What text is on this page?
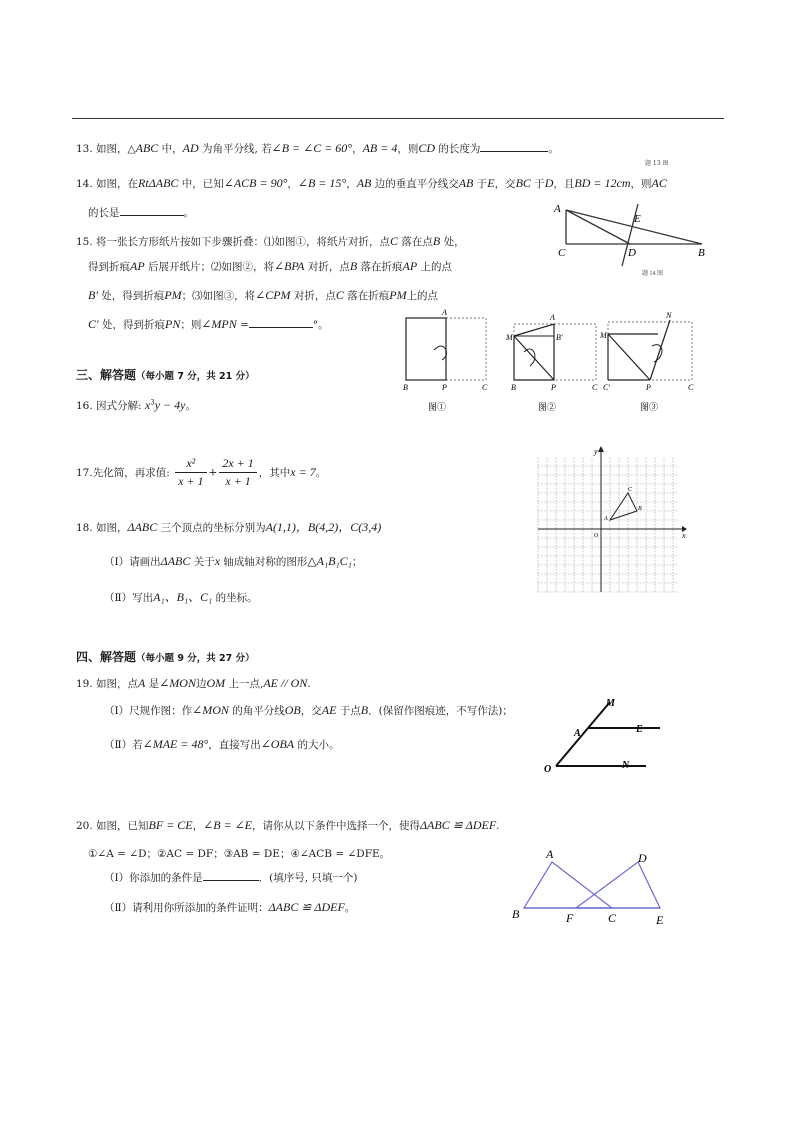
13. 如图，△ABC 中，AD 为角平分线, 若∠B = ∠C = 60°，AB = 4，则CD 的长度为	。
题 13 图
14. 如图，在RtΔABC 中，已知∠ACB = 90°，∠B = 15°，AB 边的垂直平分线交AB 于E，交BC 于D，且BD = 12cm，则AC
的长是	。	A
E
C	D	B
题 14 图
15. 将一张长方形纸片按如下步骤折叠：⑴如图①，将纸片对折，点C 落在点B 处，
得到折痕AP 后展开纸片；⑵如图②，将∠BPA 对折，点B 落在折痕AP 上的点
B′ 处，得到折痕PM；⑶如图③，将∠CPM 对折，点C 落在折痕PM上的点
C′ 处，得到折痕PN；则∠MPN =	°。
A
B	P	C
图①
A
M	B′
B	P	C
图②
N
M
C′	P	C
图③
三、解答题（每小题 7 分，共 21 分）
16. 因式分解: $x^3y - 4y$。
17.先化简，再求值: $\frac{\text{x²}}{x + 1} + \frac{2x + 1}{x + 1}$ ，其中x = 7。
18. 如图，ΔABC 三个顶点的坐标分别为A(1,1)，B(4,2)，C(3,4)
（Ⅰ）请画出ΔABC 关于x 轴成轴对称的图形△A₁B₁C₁；
（Ⅱ）写出A₁、B₁、C₁ 的坐标。
y
x
O
A
B
C
四、解答题（每小题 9 分，共 27 分）
19. 如图，点A 是∠MON边OM 上一点,AE // ON.
（Ⅰ）尺规作图：作∠MON 的角平分线OB，交AE 于点B．(保留作图痕迹，不写作法)；
（Ⅱ）若∠MAE = 48°，直接写出∠OBA 的大小。
M
A	E
O	N
20. 如图，已知BF = CE，∠B = ∠E，请你从以下条件中选择一个，使得ΔABC ≌ ΔDEF.
①∠A = ∠D；②AC = DF；③AB = DE；④∠ACB = ∠DFE。
（Ⅰ）你添加的条件是	．(填序号, 只填一个)
（Ⅱ）请利用你所添加的条件证明：ΔABC ≌ ΔDEF。
A	D
B	F	C	E
